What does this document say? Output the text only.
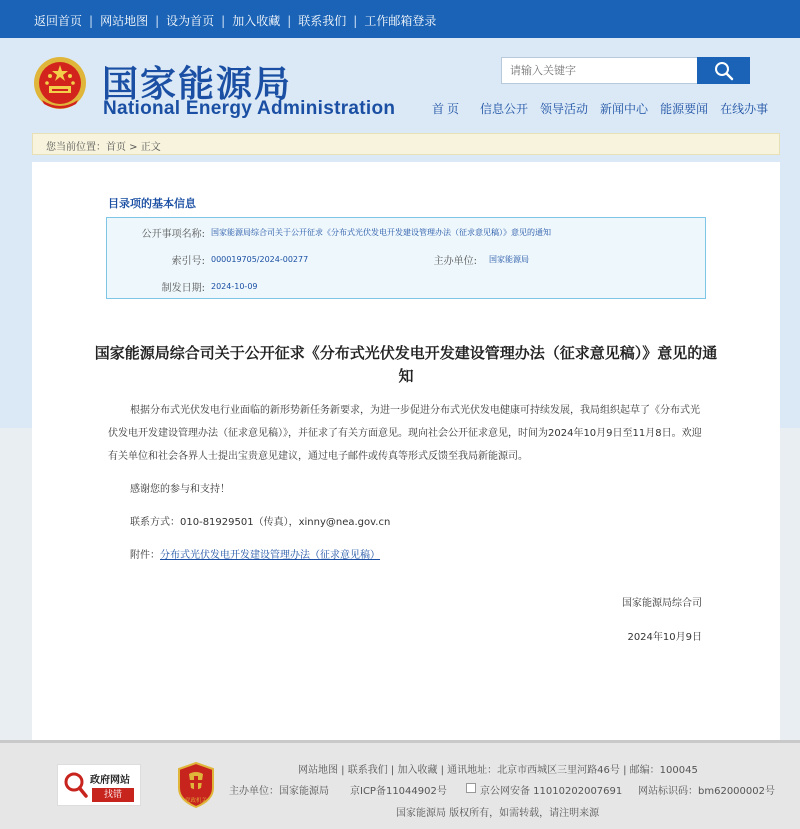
返回首页 | 网站地图 | 设为首页 | 加入收藏 | 联系我们 | 工作邮箱登录
国家能源局
National Energy Administration
请输入关键字	首页 信息公开 领导活动 新闻中心 能源要闻 在线办事
您当前位置：首页 > 正文
目录项的基本信息
公开事项名称: 国家能源局综合司关于公开征求《分布式光伏发电开发建设管理办法（征求意见稿）》意见的通知
索引号: 000019705/2024-00277	主办单位: 国家能源局
制发日期: 2024-10-09
国家能源局综合司关于公开征求《分布式光伏发电开发建设管理办法（征求意见稿）》意见的通知
根据分布式光伏发电行业面临的新形势新任务新要求，为进一步促进分布式光伏发电健康可持续发展，我局组织起草了《分布式光伏发电开发建设管理办法（征求意见稿）》，并征求了有关方面意见。现向社会公开征求意见，时间为2024年10月9日至11月8日。欢迎有关单位和社会各界人士提出宝贵意见建议，通过电子邮件或传真等形式反馈至我局新能源司。
感谢您的参与和支持！
联系方式：010-81929501（传真），xinny@nea.gov.cn
附件：分布式光伏发电开发建设管理办法（征求意见稿）
国家能源局综合司
2024年10月9日
政府网站
找错
党政机关
网站地图 | 联系我们 | 加入收藏 | 通讯地址：北京市西城区三里河路46号 | 邮编：100045
主办单位：国家能源局 京ICP备11044902号	京公网安备 11010202007691 网站标识码：bm62000002号
国家能源局 版权所有，如需转载，请注明来源
